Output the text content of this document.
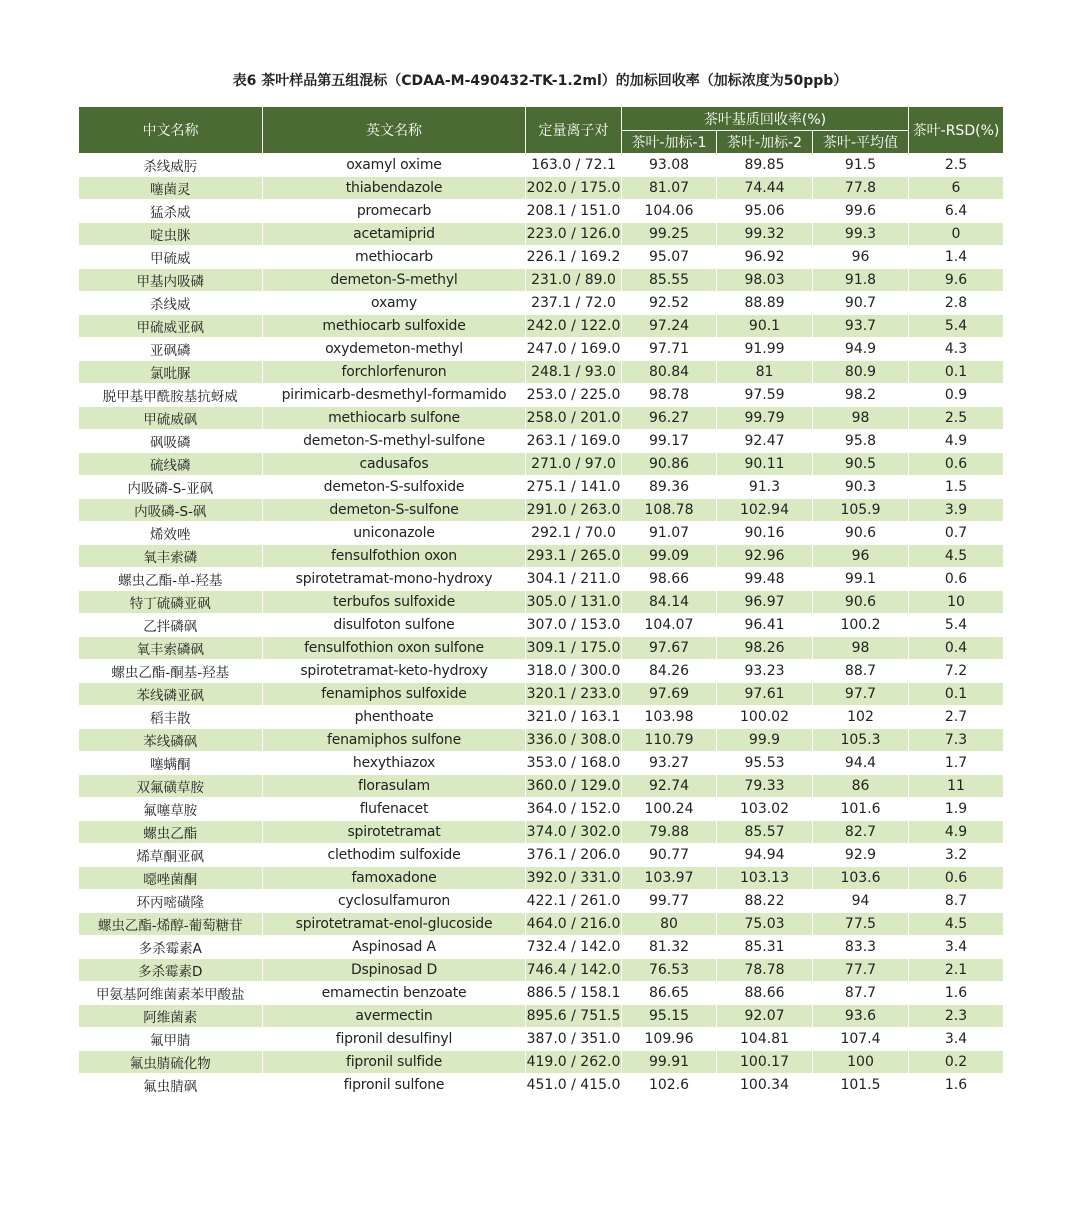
表6 茶叶样品第五组混标（CDAA-M-490432-TK-1.2ml）的加标回收率（加标浓度为50ppb）
中文名称	英文名称	定量离子对	茶叶基质回收率(%)			茶叶-RSD(%)
			茶叶-加标-1	茶叶-加标-2	茶叶-平均值	
杀线威肟	oxamyl oxime	163.0 / 72.1	93.08	89.85	91.5	2.5
噻菌灵	thiabendazole	202.0 / 175.0	81.07	74.44	77.8	6
猛杀威	promecarb	208.1 / 151.0	104.06	95.06	99.6	6.4
啶虫脒	acetamiprid	223.0 / 126.0	99.25	99.32	99.3	0
甲硫威	methiocarb	226.1 / 169.2	95.07	96.92	96	1.4
甲基内吸磷	demeton-S-methyl	231.0 / 89.0	85.55	98.03	91.8	9.6
杀线威	oxamy	237.1 / 72.0	92.52	88.89	90.7	2.8
甲硫威亚砜	methiocarb sulfoxide	242.0 / 122.0	97.24	90.1	93.7	5.4
亚砜磷	oxydemeton-methyl	247.0 / 169.0	97.71	91.99	94.9	4.3
氯吡脲	forchlorfenuron	248.1 / 93.0	80.84	81	80.9	0.1
脱甲基甲酰胺基抗蚜威	pirimicarb-desmethyl-formamido	253.0 / 225.0	98.78	97.59	98.2	0.9
甲硫威砜	methiocarb sulfone	258.0 / 201.0	96.27	99.79	98	2.5
砜吸磷	demeton-S-methyl-sulfone	263.1 / 169.0	99.17	92.47	95.8	4.9
硫线磷	cadusafos	271.0 / 97.0	90.86	90.11	90.5	0.6
内吸磷-S-亚砜	demeton-S-sulfoxide	275.1 / 141.0	89.36	91.3	90.3	1.5
内吸磷-S-砜	demeton-S-sulfone	291.0 / 263.0	108.78	102.94	105.9	3.9
烯效唑	uniconazole	292.1 / 70.0	91.07	90.16	90.6	0.7
氧丰索磷	fensulfothion oxon	293.1 / 265.0	99.09	92.96	96	4.5
螺虫乙酯-单-羟基	spirotetramat-mono-hydroxy	304.1 / 211.0	98.66	99.48	99.1	0.6
特丁硫磷亚砜	terbufos sulfoxide	305.0 / 131.0	84.14	96.97	90.6	10
乙拌磷砜	disulfoton sulfone	307.0 / 153.0	104.07	96.41	100.2	5.4
氧丰索磷砜	fensulfothion oxon sulfone	309.1 / 175.0	97.67	98.26	98	0.4
螺虫乙酯-酮基-羟基	spirotetramat-keto-hydroxy	318.0 / 300.0	84.26	93.23	88.7	7.2
苯线磷亚砜	fenamiphos sulfoxide	320.1 / 233.0	97.69	97.61	97.7	0.1
稻丰散	phenthoate	321.0 / 163.1	103.98	100.02	102	2.7
苯线磷砜	fenamiphos sulfone	336.0 / 308.0	110.79	99.9	105.3	7.3
噻螨酮	hexythiazox	353.0 / 168.0	93.27	95.53	94.4	1.7
双氟磺草胺	florasulam	360.0 / 129.0	92.74	79.33	86	11
氟噻草胺	flufenacet	364.0 / 152.0	100.24	103.02	101.6	1.9
螺虫乙酯	spirotetramat	374.0 / 302.0	79.88	85.57	82.7	4.9
烯草酮亚砜	clethodim sulfoxide	376.1 / 206.0	90.77	94.94	92.9	3.2
噁唑菌酮	famoxadone	392.0 / 331.0	103.97	103.13	103.6	0.6
环丙嘧磺隆	cyclosulfamuron	422.1 / 261.0	99.77	88.22	94	8.7
螺虫乙酯-烯醇-葡萄糖苷	spirotetramat-enol-glucoside	464.0 / 216.0	80	75.03	77.5	4.5
多杀霉素A	Aspinosad A	732.4 / 142.0	81.32	85.31	83.3	3.4
多杀霉素D	Dspinosad D	746.4 / 142.0	76.53	78.78	77.7	2.1
甲氨基阿维菌素苯甲酸盐	emamectin benzoate	886.5 / 158.1	86.65	88.66	87.7	1.6
阿维菌素	avermectin	895.6 / 751.5	95.15	92.07	93.6	2.3
氟甲腈	fipronil desulfinyl	387.0 / 351.0	109.96	104.81	107.4	3.4
氟虫腈硫化物	fipronil sulfide	419.0 / 262.0	99.91	100.17	100	0.2
氟虫腈砜	fipronil sulfone	451.0 / 415.0	102.6	100.34	101.5	1.6
